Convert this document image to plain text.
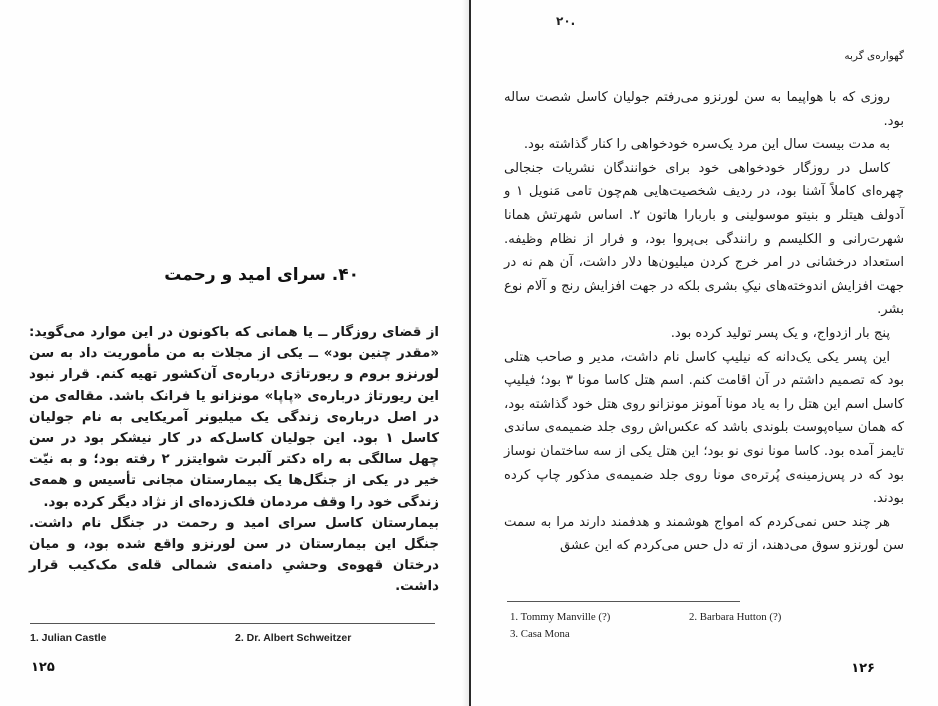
۴۰. سرای امید و رحمت

از قضای روزگار ــ یا همانی که باکونون در این موارد می‌گوید: «مقدر چنین بود» ــ یکی از مجلات به من مأموریت داد به سن لورنزو بروم و ریورتاژی درباره‌ی آن‌کشور تهیه کنم. قرار نبود این ریورتاژ درباره‌ی «پاپا» مونزانو یا فرانک باشد. مقاله‌ی من در اصل درباره‌ی زندگی یک میلیونر آمریکایی به نام جولیان کاسل ۱ بود. این جولیان کاسل‌که در کار نیشکر بود در سن چهل سالگی به راه دکتر آلبرت شوایتزر ۲ رفته بود؛ و به نیّت خیر در یکی از جنگل‌ها یک بیمارستان مجانی تأسیس و همه‌ی زندگی خود را وقف مردمان فلک‌زده‌ای از نژاد دیگر کرده بود.

بیمارستان کاسل سرای امید و رحمت در جنگل نام داشت. جنگل این بیمارستان در سن لورنزو واقع شده بود، و میان درختان قهوه‌ی وحشیِ دامنه‌ی شمالی قله‌ی مک‌کیب قرار داشت.

1. Julian Castle	2. Dr. Albert Schweitzer
۱۲۵
۲۰.
گهواره‌ی گربه

روزی که با هواپیما به سن لورنزو می‌رفتم جولیان کاسل شصت ساله بود.

به مدت بیست سال این مرد یک‌سره خودخواهی را کنار گذاشته بود.

کاسل در روزگار خودخواهی خود برای خوانندگان نشریات جنجالی چهره‌ای کاملاً آشنا بود، در ردیف شخصیت‌هایی هم‌چون تامی مَنویل ۱ و آدولف هیتلر و بنیتو موسولینی و باربارا هاتون ۲. اساس شهرتش همانا شهرت‌رانی و الکلیسم و رانندگی بی‌پروا بود، و فرار از نظام وظیفه. استعداد درخشانی در امر خرج کردن میلیون‌ها دلار داشت، آن هم نه در جهت افزایش اندوخته‌های نیکِ بشری بلکه در جهت افزایش رنج و آلام نوع بشر.

پنج بار ازدواج، و یک پسر تولید کرده بود.

این پسر یکی یک‌دانه که نیلیپ کاسل نام داشت، مدیر و صاحب هتلی بود که تصمیم داشتم در آن اقامت کنم. اسم هتل کاسا مونا ۳ بود؛ فیلیپ کاسل اسم این هتل را به یاد مونا آمونز مونزانو روی هتل خود گذاشته بود، که همان سیاه‌پوست بلوندی باشد که عکس‌اش روی جلد ضمیمه‌ی ساندی تایمز آمده بود. کاسا مونا نوی نو بود؛ این هتل یکی از سه ساختمان نوساز بود که در پس‌زمینه‌ی پُرتره‌ی مونا روی جلد ضمیمه‌ی مذکور چاپ کرده بودند.

هر چند حس نمی‌کردم که امواج هوشمند و هدفمند دارند مرا به سمت سن لورنزو سوق می‌دهند، از ته دل حس می‌کردم که این عشق

1. Tommy Manville (?)	2. Barbara Hutton (?)
3. Casa Mona
۱۲۶
